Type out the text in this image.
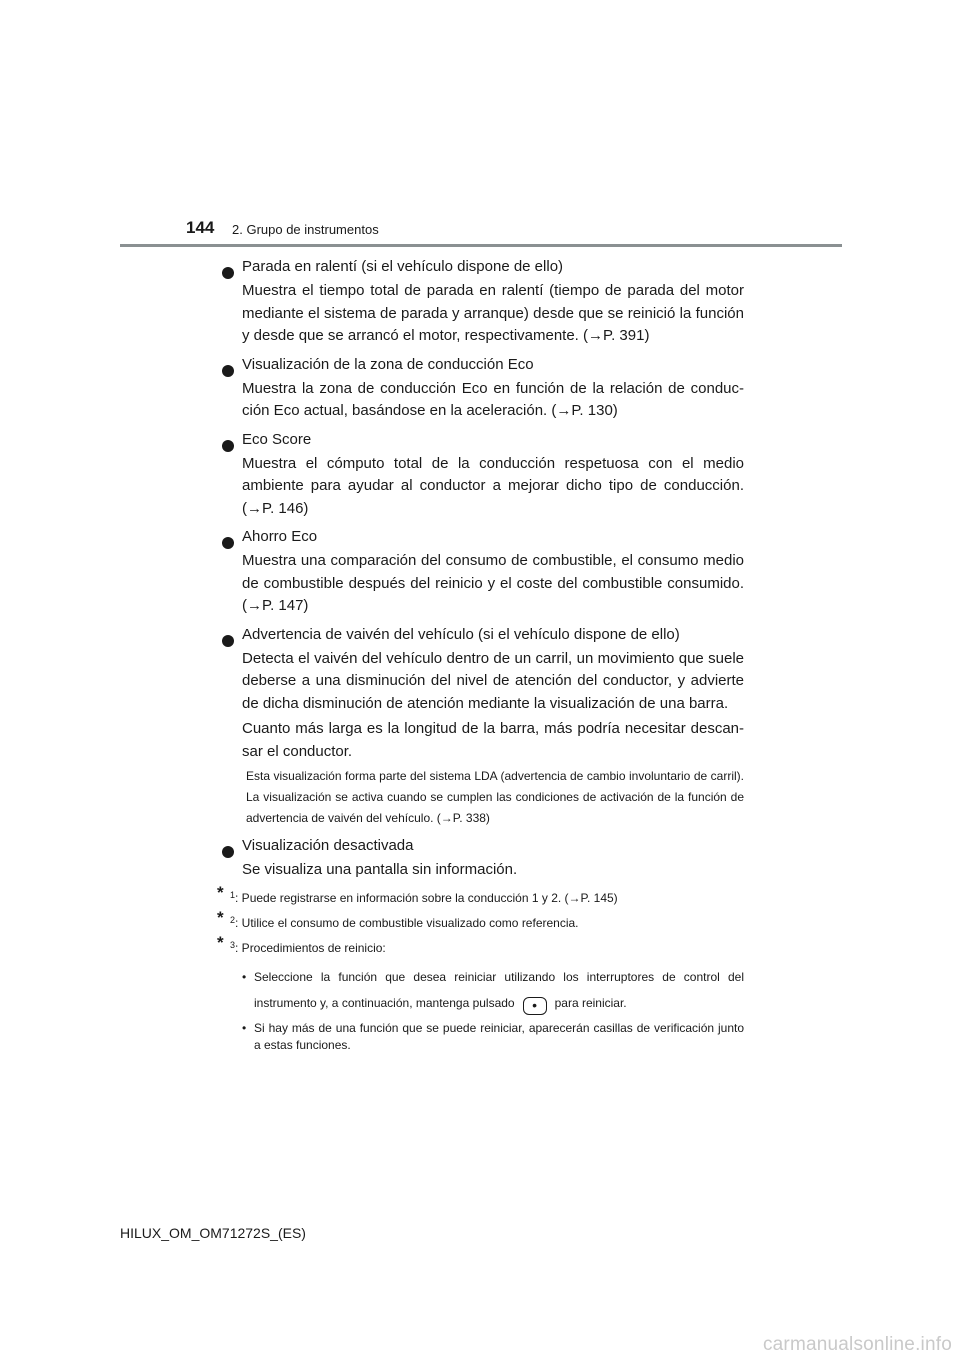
144 2. Grupo de instrumentos
Parada en ralentí (si el vehículo dispone de ello)
Muestra el tiempo total de parada en ralentí (tiempo de parada del motor mediante el sistema de parada y arranque) desde que se reinició la función y desde que se arrancó el motor, respectivamente. (→P. 391)
Visualización de la zona de conducción Eco
Muestra la zona de conducción Eco en función de la relación de conducción Eco actual, basándose en la aceleración. (→P. 130)
Eco Score
Muestra el cómputo total de la conducción respetuosa con el medio ambiente para ayudar al conductor a mejorar dicho tipo de conducción. (→P. 146)
Ahorro Eco
Muestra una comparación del consumo de combustible, el consumo medio de combustible después del reinicio y el coste del combustible consumido. (→P. 147)
Advertencia de vaivén del vehículo (si el vehículo dispone de ello)
Detecta el vaivén del vehículo dentro de un carril, un movimiento que suele deberse a una disminución del nivel de atención del conductor, y advierte de dicha disminución de atención mediante la visualización de una barra.
Cuanto más larga es la longitud de la barra, más podría necesitar descansar el conductor.
Esta visualización forma parte del sistema LDA (advertencia de cambio involuntario de carril). La visualización se activa cuando se cumplen las condiciones de activación de la función de advertencia de vaivén del vehículo. (→P. 338)
Visualización desactivada
Se visualiza una pantalla sin información.
* $^1$: Puede registrarse en información sobre la conducción 1 y 2. (→P. 145)
* $^2$: Utilice el consumo de combustible visualizado como referencia.
* $^3$: Procedimientos de reinicio:
• Seleccione la función que desea reiniciar utilizando los interruptores de control del instrumento y, a continuación, mantenga pulsado • para reiniciar.
• Si hay más de una función que se puede reiniciar, aparecerán casillas de verificación junto a estas funciones.
HILUX_OM_OM71272S_(ES)
carmanualsonline.info
